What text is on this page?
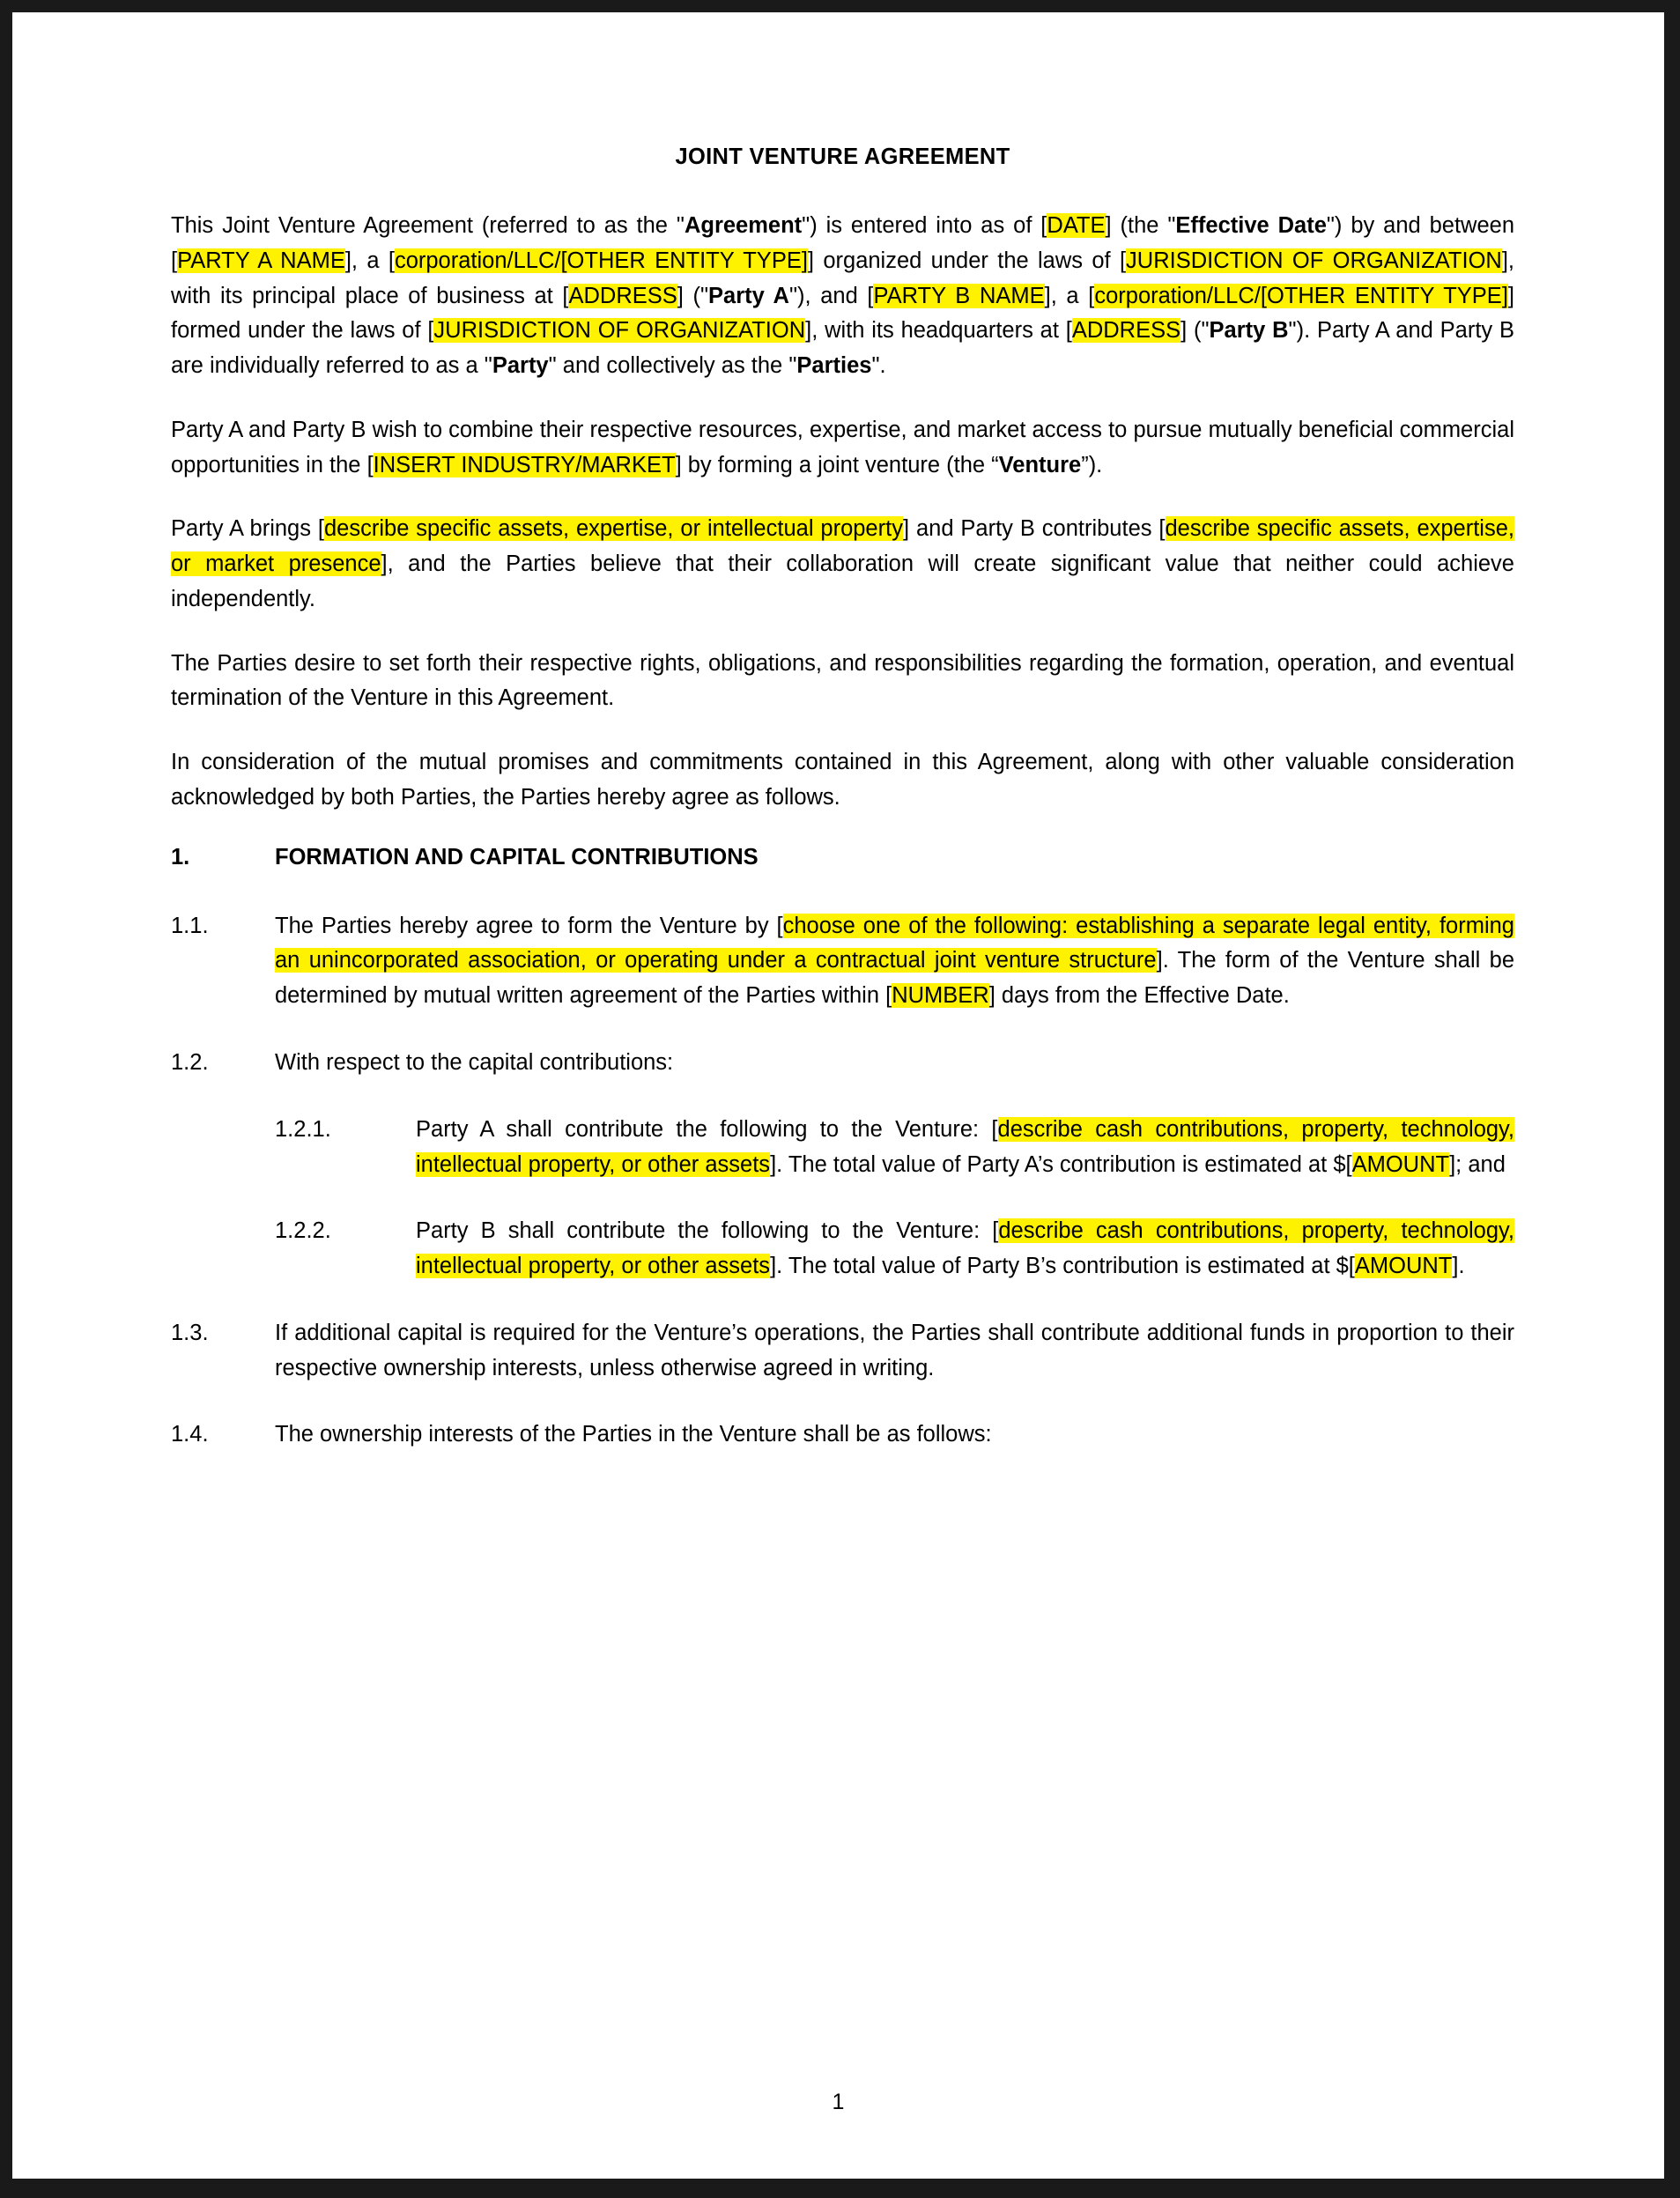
JOINT VENTURE AGREEMENT

This Joint Venture Agreement (referred to as the "Agreement") is entered into as of [DATE] (the "Effective Date") by and between [PARTY A NAME], a [corporation/LLC/[OTHER ENTITY TYPE]] organized under the laws of [JURISDICTION OF ORGANIZATION], with its principal place of business at [ADDRESS] ("Party A"), and [PARTY B NAME], a [corporation/LLC/[OTHER ENTITY TYPE]] formed under the laws of [JURISDICTION OF ORGANIZATION], with its headquarters at [ADDRESS] ("Party B"). Party A and Party B are individually referred to as a "Party" and collectively as the "Parties".

Party A and Party B wish to combine their respective resources, expertise, and market access to pursue mutually beneficial commercial opportunities in the [INSERT INDUSTRY/MARKET] by forming a joint venture (the “Venture”).

Party A brings [describe specific assets, expertise, or intellectual property] and Party B contributes [describe specific assets, expertise, or market presence], and the Parties believe that their collaboration will create significant value that neither could achieve independently.

The Parties desire to set forth their respective rights, obligations, and responsibilities regarding the formation, operation, and eventual termination of the Venture in this Agreement.

In consideration of the mutual promises and commitments contained in this Agreement, along with other valuable consideration acknowledged by both Parties, the Parties hereby agree as follows.

1.	FORMATION AND CAPITAL CONTRIBUTIONS
1.1.	The Parties hereby agree to form the Venture by [choose one of the following: establishing a separate legal entity, forming an unincorporated association, or operating under a contractual joint venture structure]. The form of the Venture shall be determined by mutual written agreement of the Parties within [NUMBER] days from the Effective Date.
1.2.	With respect to the capital contributions:
1.2.1.	Party A shall contribute the following to the Venture: [describe cash contributions, property, technology, intellectual property, or other assets]. The total value of Party A’s contribution is estimated at $[AMOUNT]; and
1.2.2.	Party B shall contribute the following to the Venture: [describe cash contributions, property, technology, intellectual property, or other assets]. The total value of Party B’s contribution is estimated at $[AMOUNT].
1.3.	If additional capital is required for the Venture’s operations, the Parties shall contribute additional funds in proportion to their respective ownership interests, unless otherwise agreed in writing.
1.4.	The ownership interests of the Parties in the Venture shall be as follows:
1
